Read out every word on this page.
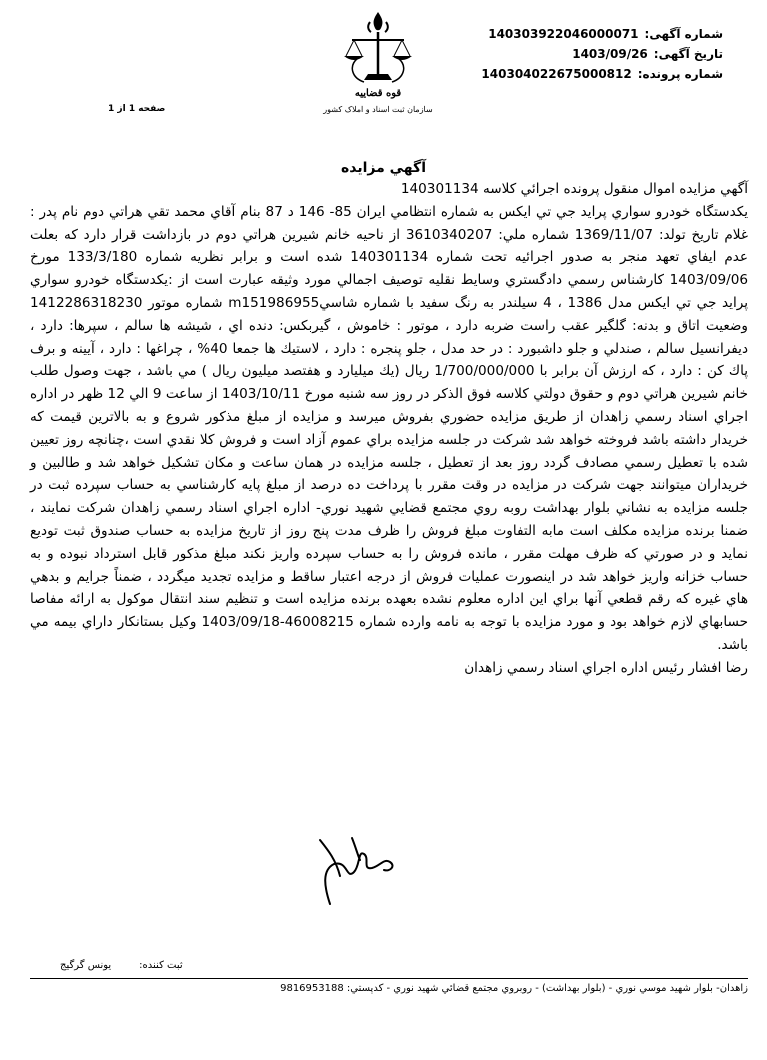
شماره آگهی:
140303922046000071
تاریخ آگهی:
1403/09/26
شماره پرونده:
140304022675000812
قوه قضاییه
سازمان ثبت اسناد و املاک کشور
صفحه 1 از 1
آگهي مزايده

آگهي مزايده اموال منقول پرونده اجرائي كلاسه 140301134

يكدستگاه خودرو سواري پرايد جي تي ايكس به شماره انتظامي ايران 85- 146 د 87 بنام آقاي محمد تقي هراتي دوم نام پدر : غلام تاريخ تولد: 1369/11/07 شماره ملي: 3610340207 از ناحيه خانم شيرين هراتي دوم در بازداشت قرار دارد كه بعلت عدم ايفاي تعهد منجر به صدور اجرائيه تحت شماره 140301134 شده است و برابر نظريه شماره 133/3/180 مورخ 1403/09/06 كارشناس رسمي دادگستري وسايط نقليه توصيف اجمالي مورد وثيقه عبارت است از :يكدستگاه خودرو سواري پرايد جي تي ايكس مدل 1386 ، 4 سيلندر به رنگ سفيد با شماره شاسيm151986955 شماره موتور 1412286318230 وضعيت اتاق و بدنه: گلگير عقب راست ضربه دارد ، موتور : خاموش ، گيربكس: دنده اي ، شيشه ها سالم ، سپرها: دارد ، ديفرانسيل سالم ، صندلي و جلو داشبورد : در حد مدل ، جلو پنجره : دارد ، لاستيك ها جمعا 40% ، چراغها : دارد ، آيينه و برف پاك كن : دارد ، كه ارزش آن برابر با 1/700/000/000 ريال (يك ميليارد و هفتصد ميليون ريال ) مي باشد ، جهت وصول طلب خانم شيرين هراتي دوم و حقوق دولتي كلاسه فوق الذكر در روز سه شنبه مورخ 1403/10/11 از ساعت 9 الي 12 ظهر در اداره اجراي اسناد رسمي زاهدان از طريق مزايده حضوري بفروش ميرسد و مزايده از مبلغ مذكور شروع و به بالاترين قيمت كه خريدار داشته باشد فروخته خواهد شد شركت در جلسه مزايده براي عموم آزاد است و فروش كلا نقدي است ،چنانچه روز تعيين شده با تعطيل رسمي مصادف گردد روز بعد از تعطيل ، جلسه مزايده در همان ساعت و مكان تشكيل خواهد شد و طالبين و خريداران ميتوانند جهت شركت در مزايده در وقت مقرر با پرداخت ده درصد از مبلغ پايه كارشناسي به حساب سپرده ثبت در جلسه مزايده به نشاني بلوار بهداشت روبه روي مجتمع قضايي شهيد نوري- اداره اجراي اسناد رسمي زاهدان شركت نمايند ، ضمنا برنده مزايده مكلف است مابه التفاوت مبلغ فروش را ظرف مدت پنج روز از تاريخ مزايده به حساب صندوق ثبت توديع نمايد و در صورتي كه ظرف مهلت مقرر ، مانده فروش را به حساب سپرده واريز نكند مبلغ مذكور قابل استرداد نبوده و به حساب خزانه واريز خواهد شد در اينصورت عمليات فروش از درجه اعتبار ساقط و مزايده تجديد ميگردد ، ضمناً جرايم و بدهي هاي غيره كه رقم قطعي آنها براي اين اداره معلوم نشده بعهده برنده مزايده است و تنظيم سند انتقال موكول به ارائه مفاصا حسابهاي لازم خواهد بود و مورد مزايده با توجه به نامه وارده شماره 46008215-1403/09/18 وكيل بستانكار داراي بيمه مي باشد.

رضا افشار رئيس اداره اجراي اسناد رسمي زاهدان

ثبت کننده:
یونس گرگیج
زاهدان- بلوار شهيد موسي نوري - (بلوار بهداشت) - روبروي مجتمع قضائي شهيد نوري - كدپستي: 9816953188
